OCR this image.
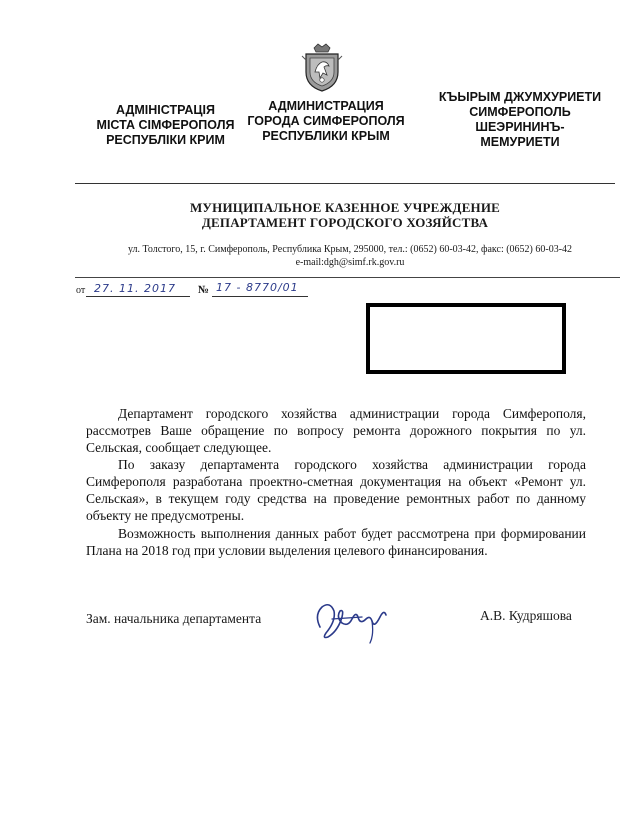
АДМІНІСТРАЦІЯ
МІСТА СІМФЕРОПОЛЯ
РЕСПУБЛІКИ КРИМ
АДМИНИСТРАЦИЯ
ГОРОДА СИМФЕРОПОЛЯ
РЕСПУБЛИКИ КРЫМ
КЪЫРЫМ ДЖУМХУРИЕТИ
СИМФЕРОПОЛЬ
ШЕЭРИНИНЪ-
МЕМУРИЕТИ
МУНИЦИПАЛЬНОЕ КАЗЕННОЕ УЧРЕЖДЕНИЕ
ДЕПАРТАМЕНТ ГОРОДСКОГО ХОЗЯЙСТВА
ул. Толстого, 15, г. Симферополь, Республика Крым, 295000, тел.: (0652) 60-03-42, факс: (0652) 60-03-42
e-mail:dgh@simf.rk.gov.ru
от 27. 11. 2017 № 17 - 8770/01
Департамент городского хозяйства администрации города Симферополя, рассмотрев Ваше обращение по вопросу ремонта дорожного покрытия по ул. Сельская, сообщает следующее.
По заказу департамента городского хозяйства администрации города Симферополя разработана проектно-сметная документация на объект «Ремонт ул. Сельская», в текущем году средства на проведение ремонтных работ по данному объекту не предусмотрены.
Возможность выполнения данных работ будет рассмотрена при формировании Плана на 2018 год при условии выделения целевого финансирования.
Зам. начальника департамента	А.В. Кудряшова
